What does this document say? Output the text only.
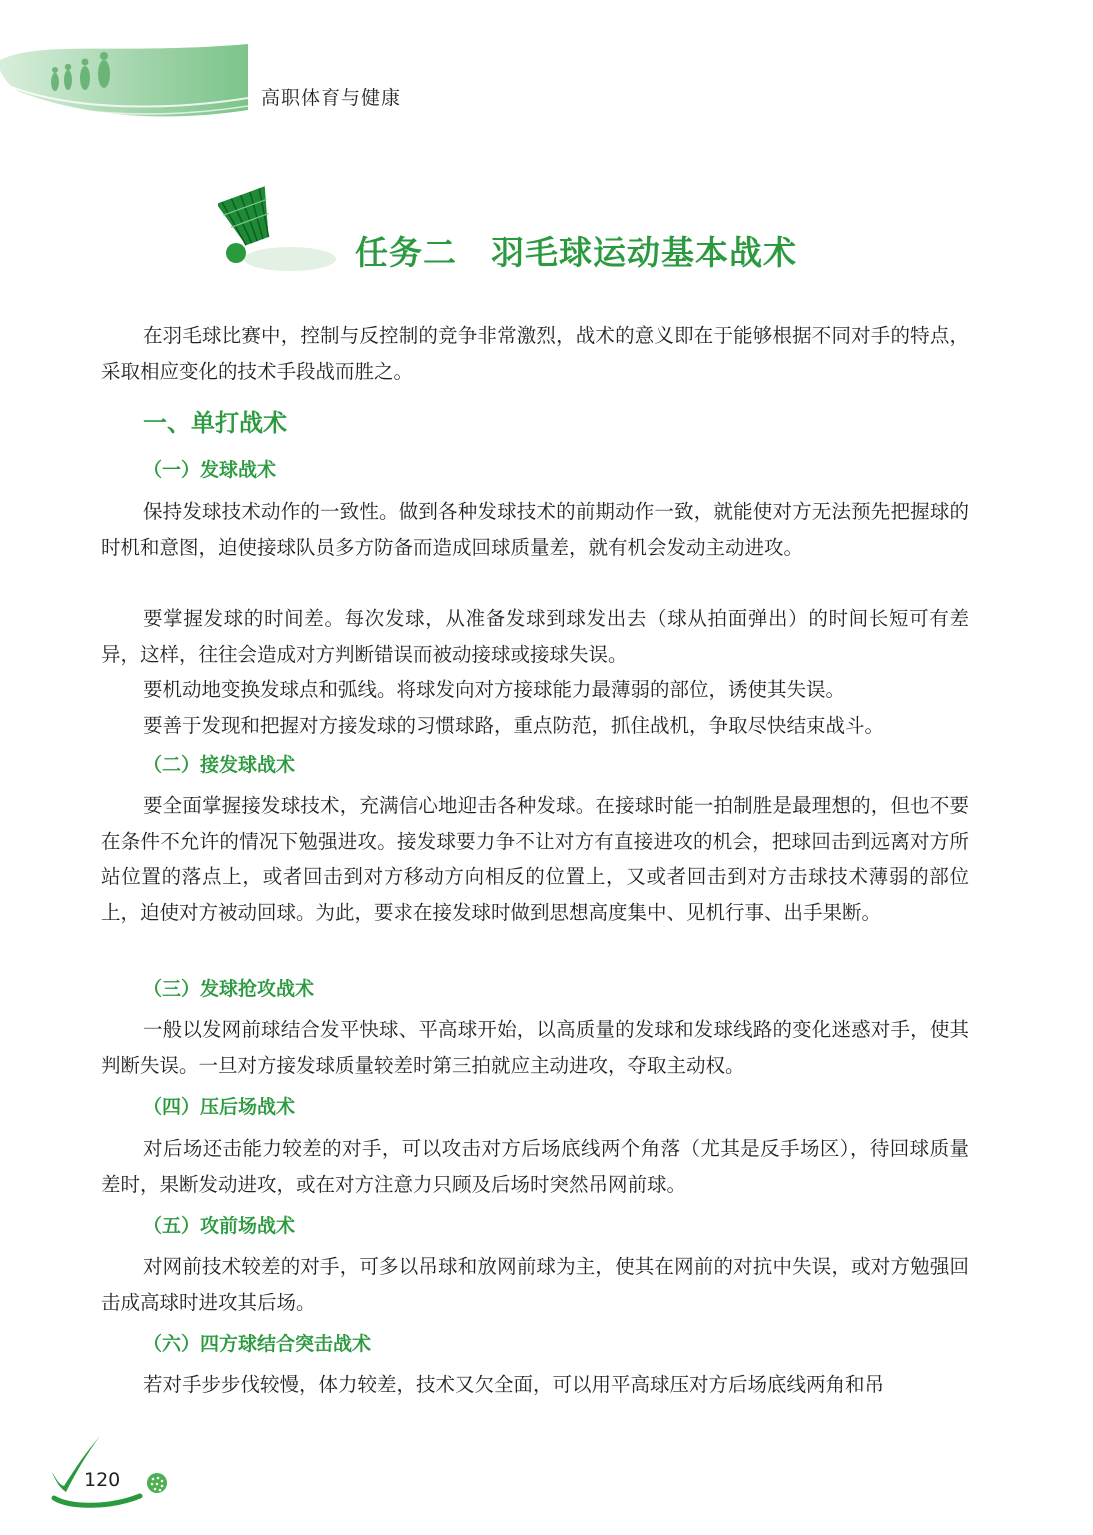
高职体育与健康
任务二　羽毛球运动基本战术

在羽毛球比赛中，控制与反控制的竞争非常激烈，战术的意义即在于能够根据不同对手的特点，采取相应变化的技术手段战而胜之。

一、单打战术
（一）发球战术

保持发球技术动作的一致性。做到各种发球技术的前期动作一致，就能使对方无法预先把握球的时机和意图，迫使接球队员多方防备而造成回球质量差，就有机会发动主动进攻。

要掌握发球的时间差。每次发球，从准备发球到球发出去（球从拍面弹出）的时间长短可有差异，这样，往往会造成对方判断错误而被动接球或接球失误。

要机动地变换发球点和弧线。将球发向对方接球能力最薄弱的部位，诱使其失误。

要善于发现和把握对方接发球的习惯球路，重点防范，抓住战机，争取尽快结束战斗。

（二）接发球战术

要全面掌握接发球技术，充满信心地迎击各种发球。在接球时能一拍制胜是最理想的，但也不要在条件不允许的情况下勉强进攻。接发球要力争不让对方有直接进攻的机会，把球回击到远离对方所站位置的落点上，或者回击到对方移动方向相反的位置上，又或者回击到对方击球技术薄弱的部位上，迫使对方被动回球。为此，要求在接发球时做到思想高度集中、见机行事、出手果断。

（三）发球抢攻战术

一般以发网前球结合发平快球、平高球开始，以高质量的发球和发球线路的变化迷惑对手，使其判断失误。一旦对方接发球质量较差时第三拍就应主动进攻，夺取主动权。

（四）压后场战术

对后场还击能力较差的对手，可以攻击对方后场底线两个角落（尤其是反手场区），待回球质量差时，果断发动进攻，或在对方注意力只顾及后场时突然吊网前球。

（五）攻前场战术

对网前技术较差的对手，可多以吊球和放网前球为主，使其在网前的对抗中失误，或对方勉强回击成高球时进攻其后场。

（六）四方球结合突击战术

若对手步步伐较慢，体力较差，技术又欠全面，可以用平高球压对方后场底线两角和吊

120
